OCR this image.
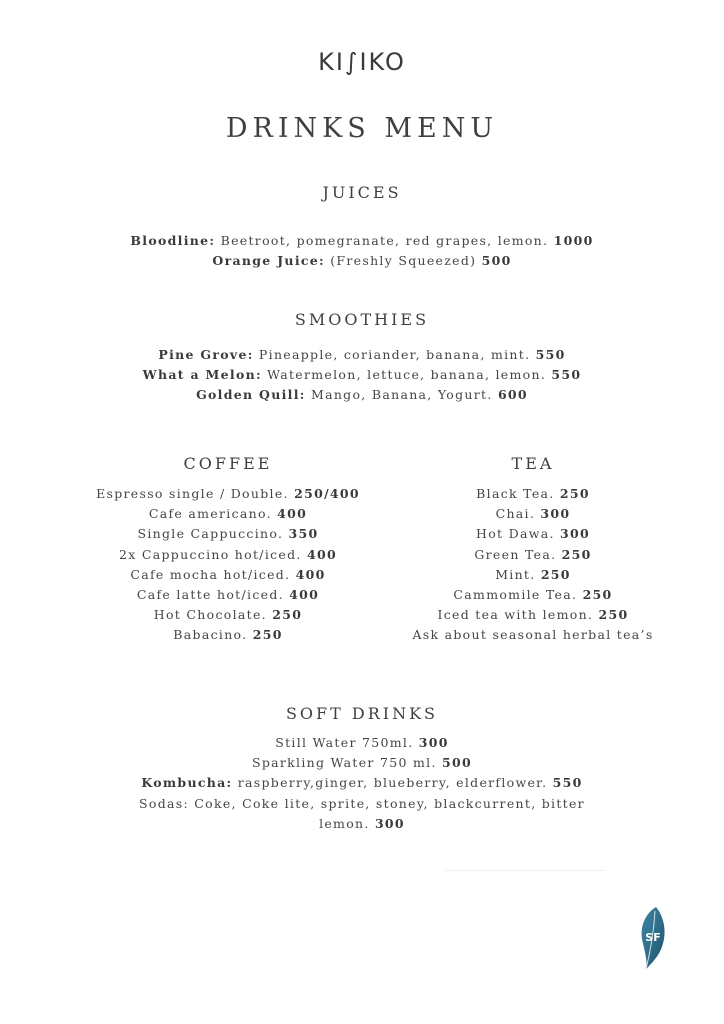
KI∫IKO
DRINKS MENU
JUICES
Bloodline: Beetroot, pomegranate, red grapes, lemon. 1000
Orange Juice: (Freshly Squeezed) 500
SMOOTHIES
Pine Grove: Pineapple, coriander, banana, mint. 550
What a Melon: Watermelon, lettuce, banana, lemon. 550
Golden Quill: Mango, Banana, Yogurt. 600
COFFEE
Espresso single / Double. 250/400
Cafe americano. 400
Single Cappuccino. 350
2x Cappuccino hot/iced. 400
Cafe mocha hot/iced. 400
Cafe latte hot/iced. 400
Hot Chocolate. 250
Babacino. 250
TEA
Black Tea. 250
Chai. 300
Hot Dawa. 300
Green Tea. 250
Mint. 250
Cammomile Tea. 250
Iced tea with lemon. 250
Ask about seasonal herbal tea’s
SOFT DRINKS
Still Water 750ml. 300
Sparkling Water 750 ml. 500
Kombucha: raspberry,ginger, blueberry, elderflower. 550
Sodas: Coke, Coke lite, sprite, stoney, blackcurrent, bitter lemon. 300
SF
